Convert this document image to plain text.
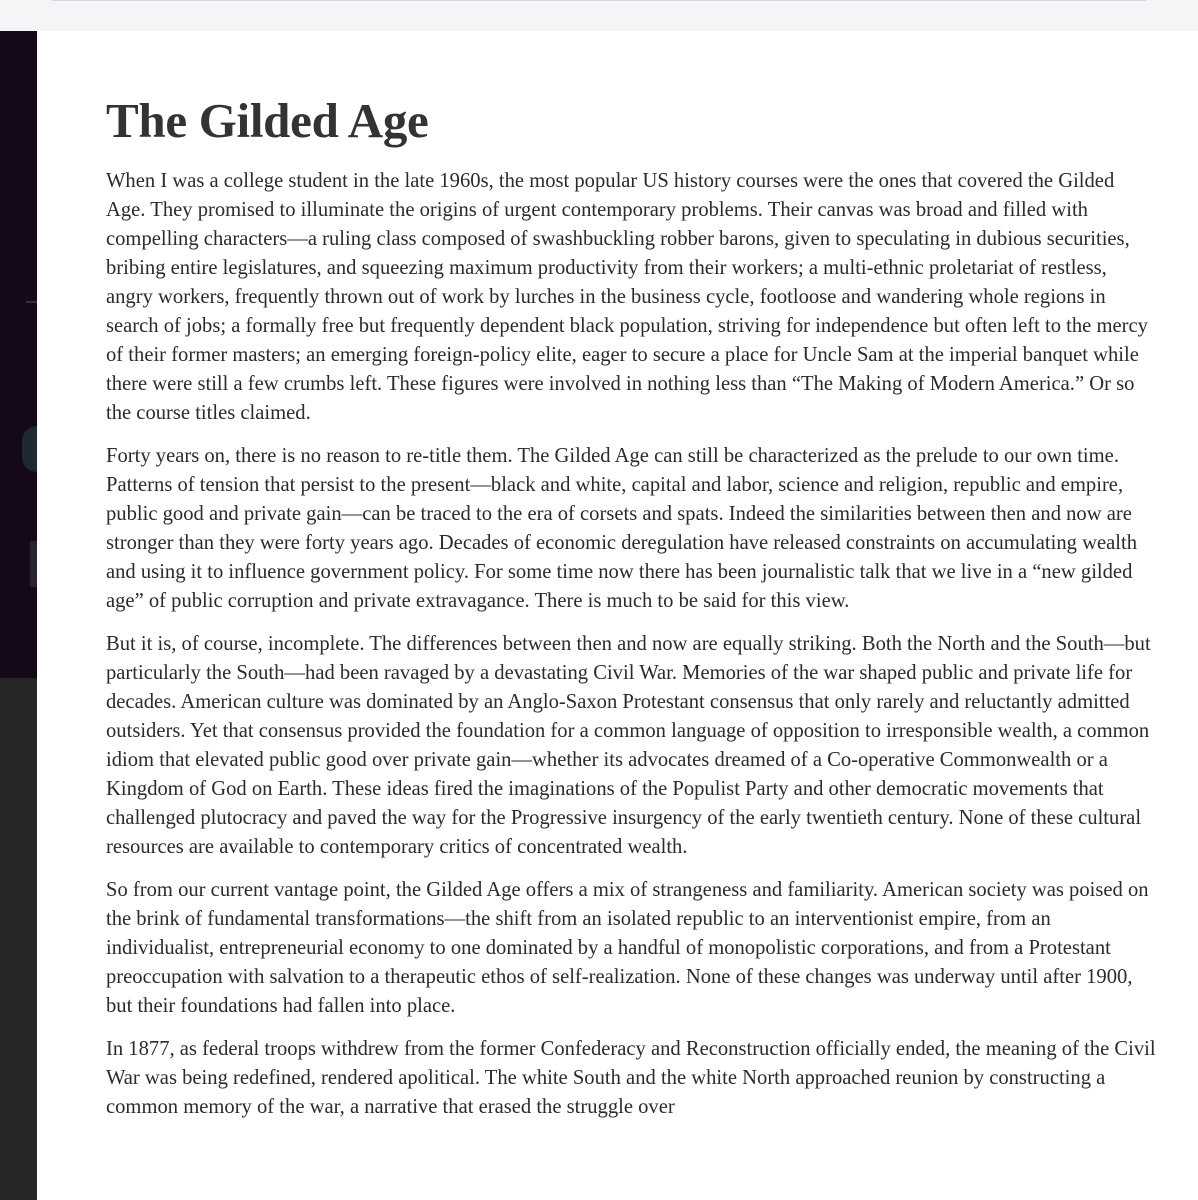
The Gilded Age

When I was a college student in the late 1960s, the most popular US history courses were the ones that covered the Gilded Age. They promised to illuminate the origins of urgent contemporary problems. Their canvas was broad and filled with compelling characters—a ruling class composed of swashbuckling robber barons, given to speculating in dubious securities, bribing entire legislatures, and squeezing maximum productivity from their workers; a multi-ethnic proletariat of restless, angry workers, frequently thrown out of work by lurches in the business cycle, footloose and wandering whole regions in search of jobs; a formally free but frequently dependent black population, striving for independence but often left to the mercy of their former masters; an emerging foreign-policy elite, eager to secure a place for Uncle Sam at the imperial banquet while there were still a few crumbs left. These figures were involved in nothing less than “The Making of Modern America.” Or so the course titles claimed.

Forty years on, there is no reason to re-title them. The Gilded Age can still be characterized as the prelude to our own time. Patterns of tension that persist to the present—black and white, capital and labor, science and religion, republic and empire, public good and private gain—can be traced to the era of corsets and spats. Indeed the similarities between then and now are stronger than they were forty years ago. Decades of economic deregulation have released constraints on accumulating wealth and using it to influence government policy. For some time now there has been journalistic talk that we live in a “new gilded age” of public corruption and private extravagance. There is much to be said for this view.

But it is, of course, incomplete. The differences between then and now are equally striking. Both the North and the South—but particularly the South—had been ravaged by a devastating Civil War. Memories of the war shaped public and private life for decades. American culture was dominated by an Anglo-Saxon Protestant consensus that only rarely and reluctantly admitted outsiders. Yet that consensus provided the foundation for a common language of opposition to irresponsible wealth, a common idiom that elevated public good over private gain—whether its advocates dreamed of a Co-operative Commonwealth or a Kingdom of God on Earth. These ideas fired the imaginations of the Populist Party and other democratic movements that challenged plutocracy and paved the way for the Progressive insurgency of the early twentieth century. None of these cultural resources are available to contemporary critics of concentrated wealth.

So from our current vantage point, the Gilded Age offers a mix of strangeness and familiarity. American society was poised on the brink of fundamental transformations—the shift from an isolated republic to an interventionist empire, from an individualist, entrepreneurial economy to one dominated by a handful of monopolistic corporations, and from a Protestant preoccupation with salvation to a therapeutic ethos of self-realization. None of these changes was underway until after 1900, but their foundations had fallen into place.

In 1877, as federal troops withdrew from the former Confederacy and Reconstruction officially ended, the meaning of the Civil War was being redefined, rendered apolitical. The white South and the white North approached reunion by constructing a common memory of the war, a narrative that erased the struggle over
